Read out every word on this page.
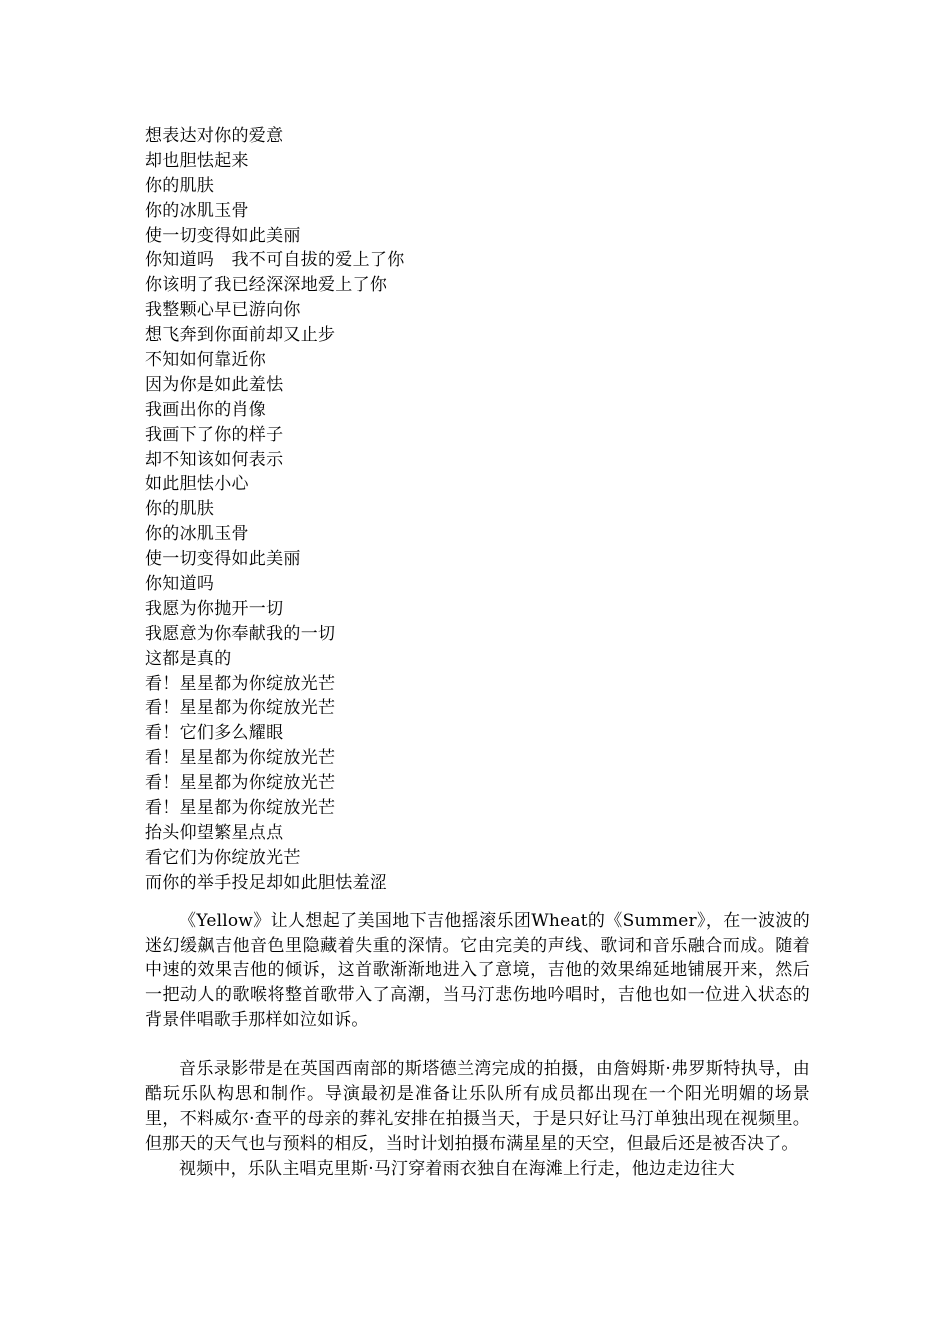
想表达对你的爱意
却也胆怯起来
你的肌肤
你的冰肌玉骨
使一切变得如此美丽
你知道吗　我不可自拔的爱上了你
你该明了我已经深深地爱上了你
我整颗心早已游向你
想飞奔到你面前却又止步
不知如何靠近你
因为你是如此羞怯
我画出你的肖像
我画下了你的样子
却不知该如何表示
如此胆怯小心
你的肌肤
你的冰肌玉骨
使一切变得如此美丽
你知道吗
我愿为你抛开一切
我愿意为你奉献我的一切
这都是真的
看！星星都为你绽放光芒
看！星星都为你绽放光芒
看！它们多么耀眼
看！星星都为你绽放光芒
看！星星都为你绽放光芒
看！星星都为你绽放光芒
抬头仰望繁星点点
看它们为你绽放光芒
而你的举手投足却如此胆怯羞涩

《Yellow》让人想起了美国地下吉他摇滚乐团Wheat的《Summer》，在一波波的迷幻缓飙吉他音色里隐藏着失重的深情。它由完美的声线、歌词和音乐融合而成。随着中速的效果吉他的倾诉，这首歌渐渐地进入了意境，吉他的效果绵延地铺展开来，然后一把动人的歌喉将整首歌带入了高潮，当马汀悲伤地吟唱时，吉他也如一位进入状态的背景伴唱歌手那样如泣如诉。

音乐录影带是在英国西南部的斯塔德兰湾完成的拍摄，由詹姆斯·弗罗斯特执导，由酷玩乐队构思和制作。导演最初是准备让乐队所有成员都出现在一个阳光明媚的场景里，不料威尔·查平的母亲的葬礼安排在拍摄当天，于是只好让马汀单独出现在视频里。但那天的天气也与预料的相反，当时计划拍摄布满星星的天空，但最后还是被否决了。

视频中，乐队主唱克里斯·马汀穿着雨衣独自在海滩上行走，他边走边往大
